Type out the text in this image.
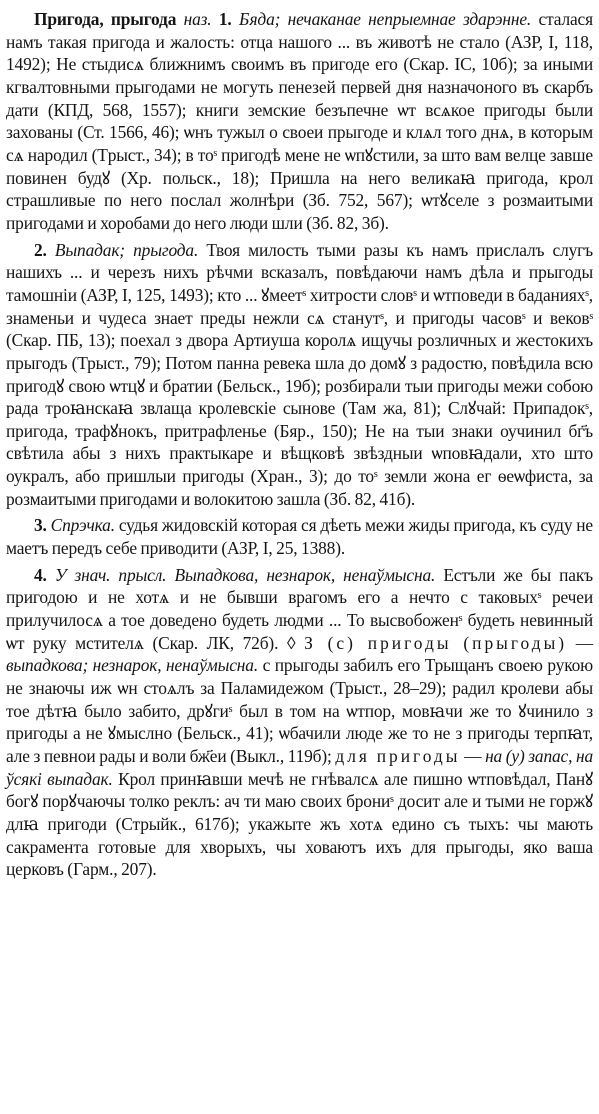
Пригода, прыгода наз. 1. Бяда; нечаканае непрыемнае здарэнне. сталася намъ такая пригода и жалость: отца нашого ... въ животѣ не стало (АЗР, І, 118, 1492); Не стыдисѧ ближнимъ своимъ въ пригоде его (Скар. IС, 10б); за иными кгвалтовными прыгодами не могуть пенезей первей дня назначоного въ скарбъ дати (КПД, 568, 1557); книги земские безъпечне ѡт всѧкое пригоды были захованы (Ст. 1566, 46); ѡнъ тужыл о своеи прыгоде и клѧл того днѧ, в которым сѧ народил (Тpыст., 34); в тоˢ пригодѣ мене не ѡпꙋстили, за што вам велце завше повинен будꙋ (Хр. польск., 18); Пришла на него великаꙗ пригода, крол страшливые по него послал жолнѣри (Зб. 752, 567); ѡтꙋселе з розмаитыми пригодами и хоробами до него люди шли (Зб. 82, 3б).

2. Выпадак; прыгода. Твоя милость тыми разы къ намъ прислалъ слугъ нашихъ ... и черезъ нихъ рѣчми всказалъ, повѣдаючи намъ дѣла и прыгоды тамошнiи (АЗР, І, 125, 1493); кто ... ꙋмеетˢ хитрости словˢ и ѡтповеди в баданияхˢ, знаменьи и чудеса знает преды нежли сѧ станутˢ, и пригоды часовˢ и вековˢ (Скар. ПБ, 13); поехал з двора Артиуша королѧ ищучы розличных и жестокихъ прыгодъ (Трыст., 79); Потом панна ревека шла до домꙋ з радостю, повѣдила всю пригодꙋ свою ѡтцꙋ и братии (Бельск., 19б); розбирали тыи пригоды межи собою рада троꙗнскаꙗ звлаща кролевскіе сынове (Там жа, 81); Слꙋчай: Припадокˢ, пригода, трафꙋнокъ, притрафленье (Бяр., 150); Не на тыи знаки оучинил бг҃ъ свѣтила абы з нихъ практыкаре и вѣщковѣ звѣздныи ѡповꙗдали, хто што оукралъ, або пришлыи пригоды (Хран., 3); до тоˢ земли жона ег ѳеѡфиста, за розмаитыми пригодами и волокитою зашла (Зб. 82, 41б).

3. Спрэчка. судья жидовскій которая ся дѣеть межи жиды пригода, къ суду не маетъ передъ себе приводити (АЗР, І, 25, 1388).

4. У знач. прысл. Выпадкова, незнарок, ненаўмысна. Естъли же бы пакъ пригодою и не хотѧ и не бывши врагомъ его а нечто с таковыхˢ речеи прилучилосѧ а тое доведено будеть людми ... То высвобоженˢ будеть невинный ѡт руку мстителѧ (Скар. ЛК, 72б). ◊ З (с) пригоды (прыгоды) — выпадкова; незнарок, ненаўмысна. с прыгоды забилъ его Трыщанъ своею рукою не знаючы иж ѡн стоѧлъ за Паламидежом (Трыст., 28–29); радил кролеви абы тое дѣтꙗ было забито, дрꙋгиˢ был в том на ѡтпор, мовꙗчи же то ꙋчинило з пригоды а не ꙋмыслно (Бельск., 41); ѡбачили люде же то не з пригоды терпꙗт, але з певнои рады и воли бж҃еи (Выкл., 119б); для пригоды — на (у) запас, на ўсякі выпадак. Крол принꙗвши мечѣ не гнѣвалсѧ але пишно ѡтповѣдал, Панꙋ богꙋ порꙋчаючы толко реклъ: ач ти маю своих брониˢ досит але и тыми не горжꙋ длꙗ пригоди (Стрыйк., 617б); укажыте жъ хотѧ едино съ тыхъ: чы мають сакрамента готовые для хворыхъ, чы ховаютъ ихъ для прыгоды, яко ваша церковъ (Гарм., 207).
